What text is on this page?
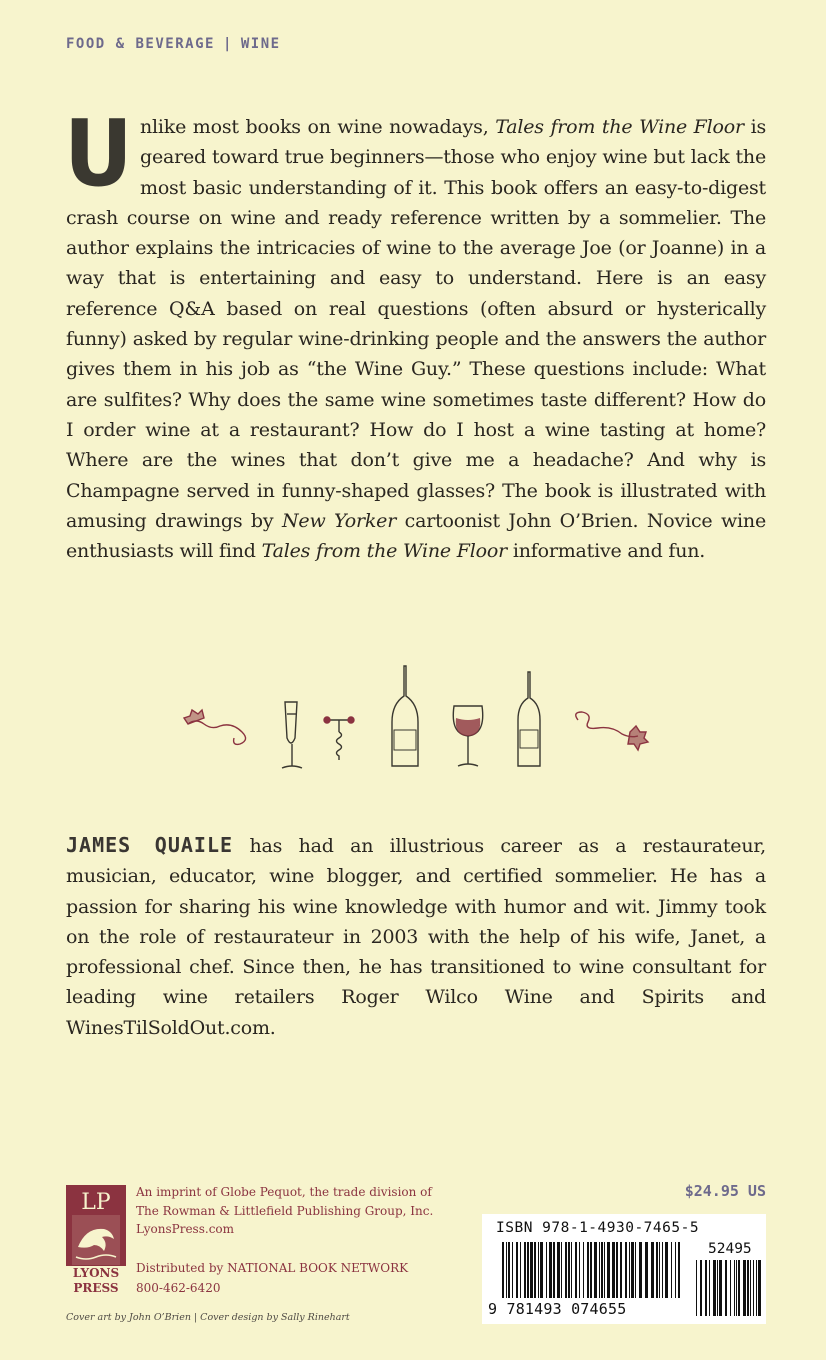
FOOD & BEVERAGE | WINE
Unlike most books on wine nowadays, Tales from the Wine Floor is geared toward true beginners—those who enjoy wine but lack the most basic understanding of it. This book offers an easy-to-digest crash course on wine and ready reference written by a sommelier. The author explains the intricacies of wine to the average Joe (or Joanne) in a way that is entertaining and easy to understand. Here is an easy reference Q&A based on real questions (often absurd or hysterically funny) asked by regular wine-drinking people and the answers the author gives them in his job as “the Wine Guy.” These questions include: What are sulfites? Why does the same wine sometimes taste different? How do I order wine at a restaurant? How do I host a wine tasting at home? Where are the wines that don’t give me a headache? And why is Champagne served in funny-shaped glasses? The book is illustrated with amusing drawings by New Yorker cartoonist John O’Brien. Novice wine enthusiasts will find Tales from the Wine Floor informative and fun.
JAMES QUAILE has had an illustrious career as a restaurateur, musician, educator, wine blogger, and certified sommelier. He has a passion for sharing his wine knowledge with humor and wit. Jimmy took on the role of restaurateur in 2003 with the help of his wife, Janet, a professional chef. Since then, he has transitioned to wine consultant for leading wine retailers Roger Wilco Wine and Spirits and WinesTilSoldOut.com.
LP
LYONS
PRESS
An imprint of Globe Pequot, the trade division of
The Rowman & Littlefield Publishing Group, Inc.
LyonsPress.com
Distributed by NATIONAL BOOK NETWORK
800-462-6420
Cover art by John O’Brien | Cover design by Sally Rinehart
$24.95 US
ISBN 978-1-4930-7465-5
52495
9 781493 074655
